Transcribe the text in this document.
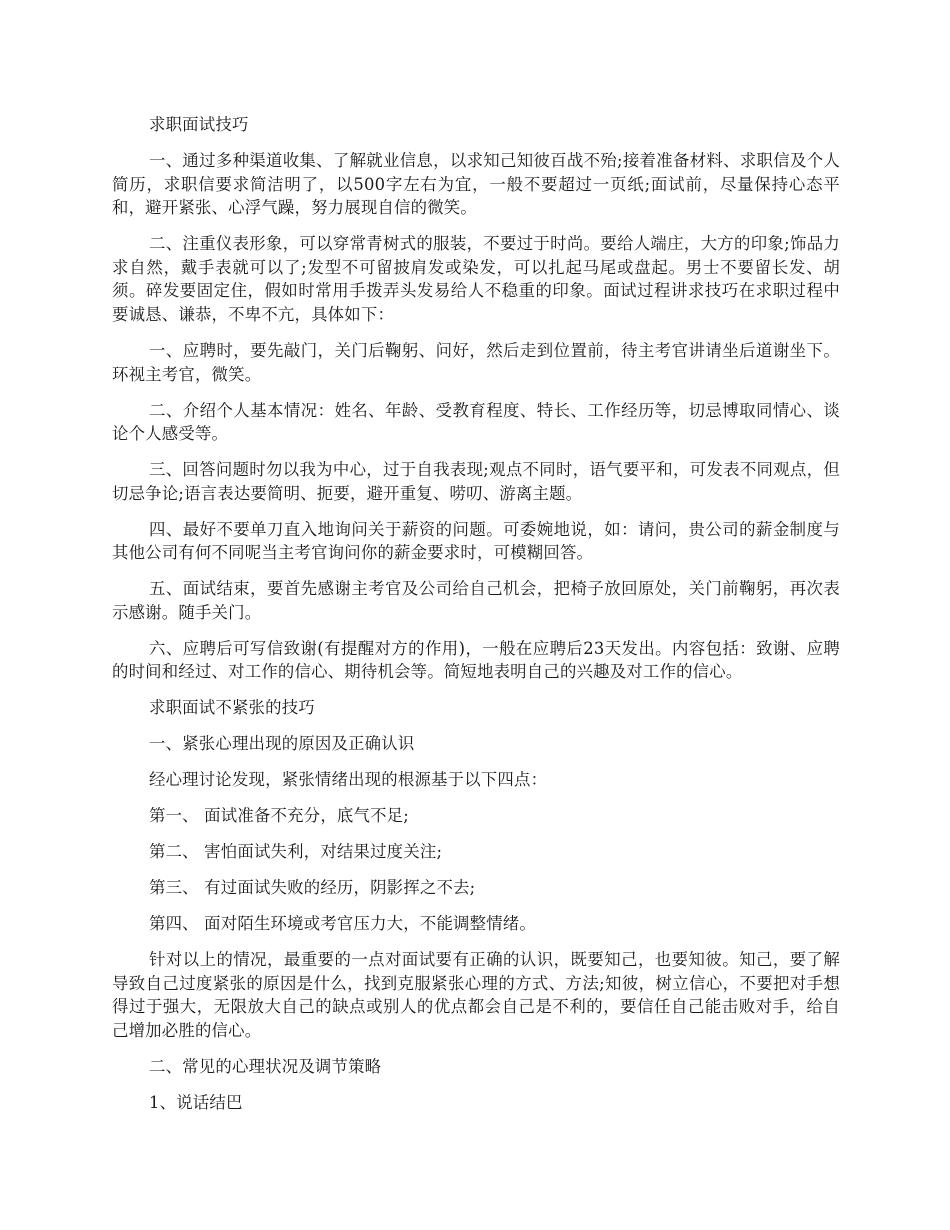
求职面试技巧

一、通过多种渠道收集、了解就业信息，以求知己知彼百战不殆;接着准备材料、求职信及个人简历，求职信要求简洁明了，以500字左右为宜，一般不要超过一页纸;面试前，尽量保持心态平和，避开紧张、心浮气躁，努力展现自信的微笑。

二、注重仪表形象，可以穿常青树式的服装，不要过于时尚。要给人端庄，大方的印象;饰品力求自然，戴手表就可以了;发型不可留披肩发或染发，可以扎起马尾或盘起。男士不要留长发、胡须。碎发要固定住，假如时常用手拨弄头发易给人不稳重的印象。面试过程讲求技巧在求职过程中要诚恳、谦恭，不卑不亢，具体如下：

一、应聘时，要先敲门，关门后鞠躬、问好，然后走到位置前，待主考官讲请坐后道谢坐下。环视主考官，微笑。

二、介绍个人基本情况：姓名、年龄、受教育程度、特长、工作经历等，切忌博取同情心、谈论个人感受等。

三、回答问题时勿以我为中心，过于自我表现;观点不同时，语气要平和，可发表不同观点，但切忌争论;语言表达要简明、扼要，避开重复、唠叨、游离主题。

四、最好不要单刀直入地询问关于薪资的问题。可委婉地说，如：请问，贵公司的薪金制度与其他公司有何不同呢当主考官询问你的薪金要求时，可模糊回答。

五、面试结束，要首先感谢主考官及公司给自己机会，把椅子放回原处，关门前鞠躬，再次表示感谢。随手关门。

六、应聘后可写信致谢(有提醒对方的作用)，一般在应聘后23天发出。内容包括：致谢、应聘的时间和经过、对工作的信心、期待机会等。简短地表明自己的兴趣及对工作的信心。

求职面试不紧张的技巧

一、紧张心理出现的原因及正确认识

经心理讨论发现，紧张情绪出现的根源基于以下四点：

第一、 面试准备不充分，底气不足;

第二、 害怕面试失利，对结果过度关注;

第三、 有过面试失败的经历，阴影挥之不去;

第四、 面对陌生环境或考官压力大，不能调整情绪。

针对以上的情况，最重要的一点对面试要有正确的认识，既要知己，也要知彼。知己，要了解导致自己过度紧张的原因是什么，找到克服紧张心理的方式、方法;知彼，树立信心，不要把对手想得过于强大，无限放大自己的缺点或别人的优点都会自己是不利的，要信任自己能击败对手，给自己增加必胜的信心。

二、常见的心理状况及调节策略

1、说话结巴
